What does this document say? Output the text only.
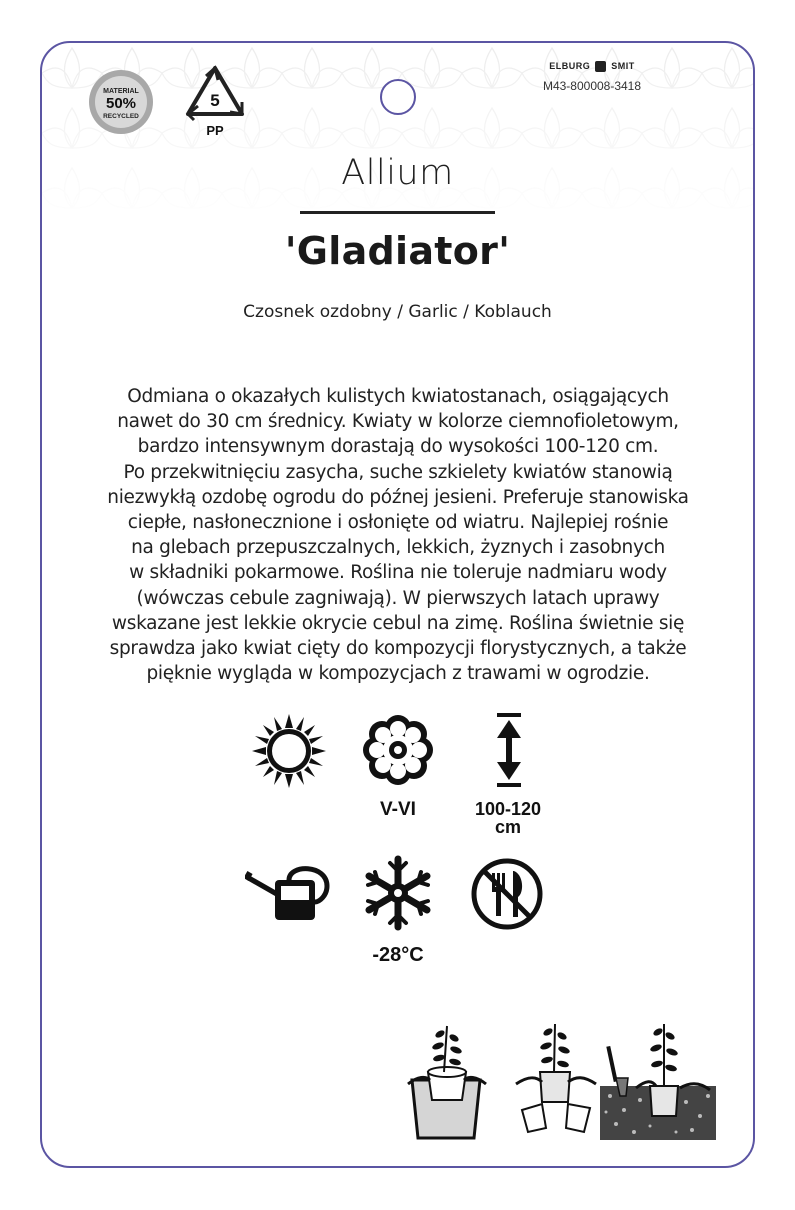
MATERIAL
50%
RECYCLED
5
PP
ELBURG SMIT
M43-800008-3418
Allium
'Gladiator'
Czosnek ozdobny / Garlic / Koblauch
Odmiana o okazałych kulistych kwiatostanach, osiągających
nawet do 30 cm średnicy. Kwiaty w kolorze ciemnofioletowym,
bardzo intensywnym dorastają do wysokości 100-120 cm.
Po przekwitnięciu zasycha, suche szkielety kwiatów stanowią
niezwykłą ozdobę ogrodu do późnej jesieni. Preferuje stanowiska
ciepłe, nasłonecznione i osłonięte od wiatru. Najlepiej rośnie
na glebach przepuszczalnych, lekkich, żyznych i zasobnych
w składniki pokarmowe. Roślina nie toleruje nadmiaru wody
(wówczas cebule zagniwają). W pierwszych latach uprawy
wskazane jest lekkie okrycie cebul na zimę. Roślina świetnie się
sprawdza jako kwiat cięty do kompozycji florystycznych, a także
pięknie wygląda w kompozycjach z trawami w ogrodzie.
V-VI	100-120
cm
-28°C
